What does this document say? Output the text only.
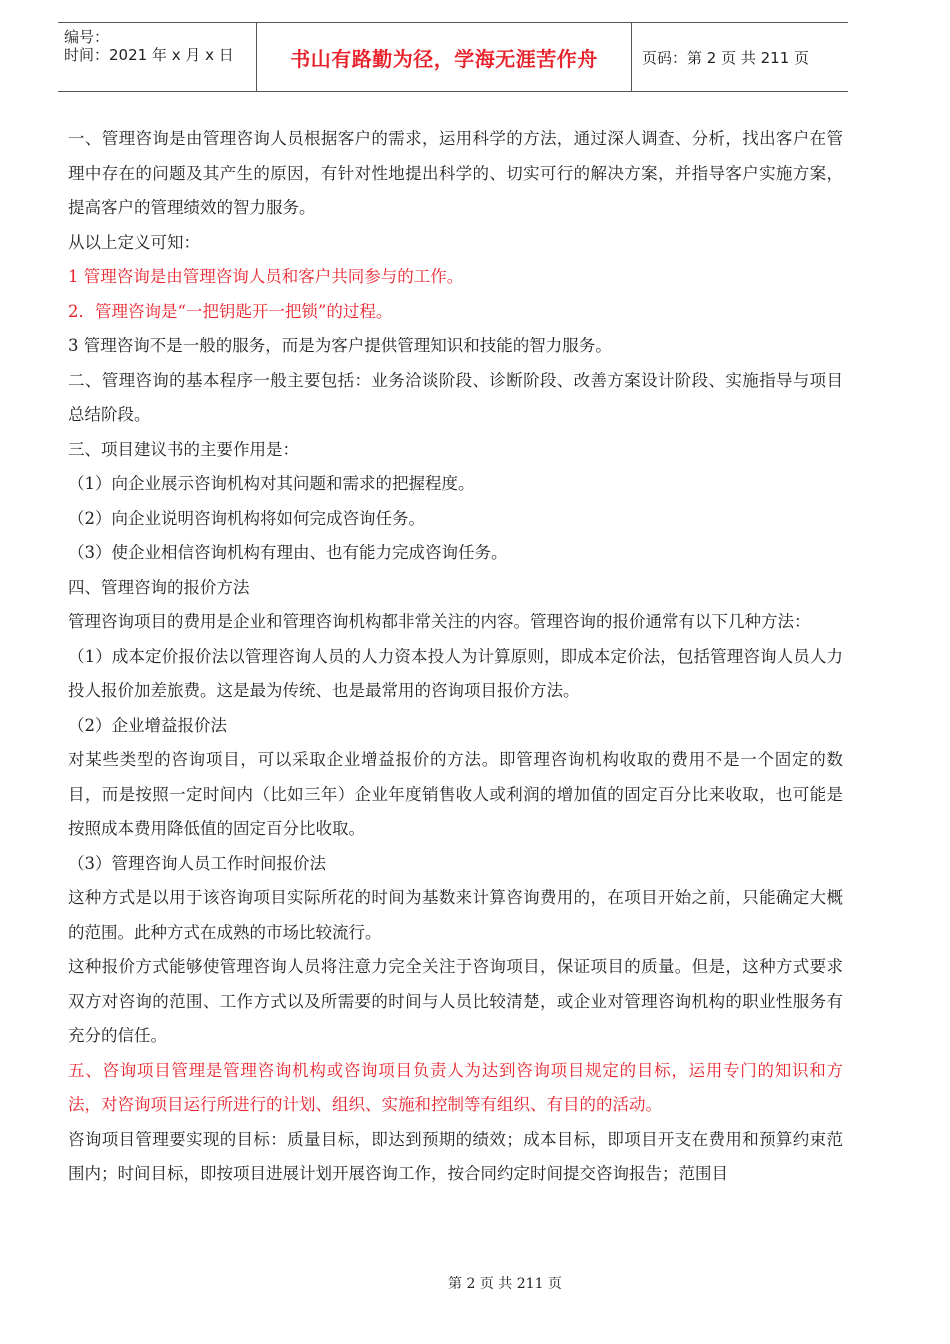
编号：
时间：2021 年 x 月 x 日	书山有路勤为径，学海无涯苦作舟	页码：第 2 页 共 211 页

一、管理咨询是由管理咨询人员根据客户的需求，运用科学的方法，通过深人调查、分析，找出客户在管理中存在的问题及其产生的原因，有针对性地提出科学的、切实可行的解决方案，并指导客户实施方案，提高客户的管理绩效的智力服务。

从以上定义可知：

1 管理咨询是由管理咨询人员和客户共同参与的工作。

2．管理咨询是“一把钥匙开一把锁”的过程。

3 管理咨询不是一般的服务，而是为客户提供管理知识和技能的智力服务。

二、管理咨询的基本程序一般主要包括：业务洽谈阶段、诊断阶段、改善方案设计阶段、实施指导与项目总结阶段。

三、项目建议书的主要作用是：

（1）向企业展示咨询机构对其问题和需求的把握程度。

（2）向企业说明咨询机构将如何完成咨询任务。

（3）使企业相信咨询机构有理由、也有能力完成咨询任务。

四、管理咨询的报价方法

管理咨询项目的费用是企业和管理咨询机构都非常关注的内容。管理咨询的报价通常有以下几种方法：

（1）成本定价报价法以管理咨询人员的人力资本投人为计算原则，即成本定价法，包括管理咨询人员人力投人报价加差旅费。这是最为传统、也是最常用的咨询项目报价方法。

（2）企业增益报价法

对某些类型的咨询项目，可以采取企业增益报价的方法。即管理咨询机构收取的费用不是一个固定的数目，而是按照一定时间内（比如三年）企业年度销售收人或利润的增加值的固定百分比来收取，也可能是按照成本费用降低值的固定百分比收取。

（3）管理咨询人员工作时间报价法

这种方式是以用于该咨询项目实际所花的时间为基数来计算咨询费用的，在项目开始之前，只能确定大概的范围。此种方式在成熟的市场比较流行。

这种报价方式能够使管理咨询人员将注意力完全关注于咨询项目，保证项目的质量。但是，这种方式要求双方对咨询的范围、工作方式以及所需要的时间与人员比较清楚，或企业对管理咨询机构的职业性服务有充分的信任。

五、咨询项目管理是管理咨询机构或咨询项目负责人为达到咨询项目规定的目标，运用专门的知识和方法，对咨询项目运行所进行的计划、组织、实施和控制等有组织、有目的的活动。

咨询项目管理要实现的目标：质量目标，即达到预期的绩效；成本目标，即项目开支在费用和预算约束范围内；时间目标，即按项目进展计划开展咨询工作，按合同约定时间提交咨询报告；范围目

第 2 页 共 211 页
